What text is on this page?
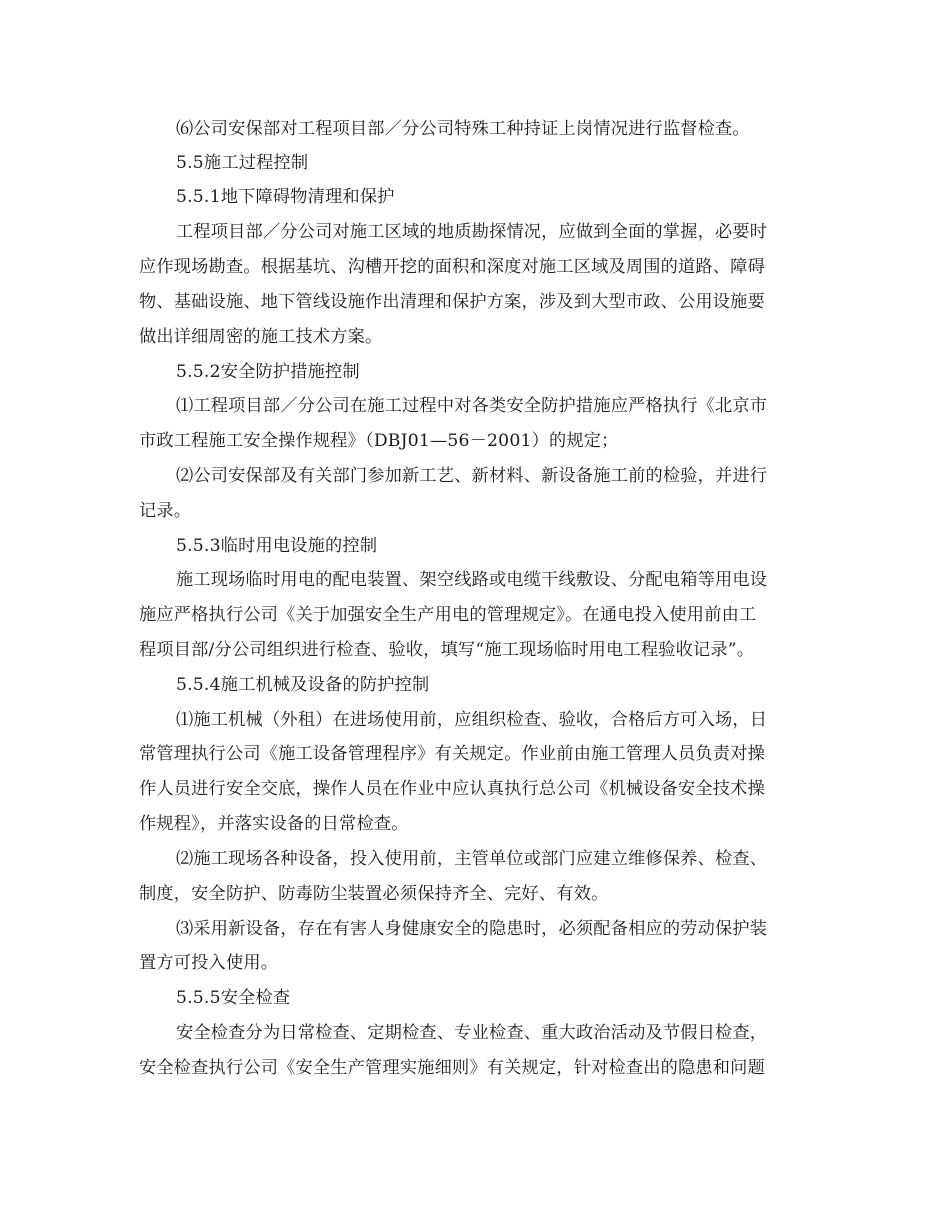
⑹公司安保部对工程项目部／分公司特殊工种持证上岗情况进行监督检查。
5.5施工过程控制
5.5.1地下障碍物清理和保护
工程项目部／分公司对施工区域的地质勘探情况，应做到全面的掌握，必要时
应作现场勘查。根据基坑、沟槽开挖的面积和深度对施工区域及周围的道路、障碍
物、基础设施、地下管线设施作出清理和保护方案，涉及到大型市政、公用设施要
做出详细周密的施工技术方案。
5.5.2安全防护措施控制
⑴工程项目部／分公司在施工过程中对各类安全防护措施应严格执行《北京市
市政工程施工安全操作规程》（DBJ01—56－2001）的规定；
⑵公司安保部及有关部门参加新工艺、新材料、新设备施工前的检验，并进行
记录。
5.5.3临时用电设施的控制
施工现场临时用电的配电装置、架空线路或电缆干线敷设、分配电箱等用电设
施应严格执行公司《关于加强安全生产用电的管理规定》。在通电投入使用前由工
程项目部/分公司组织进行检查、验收，填写“施工现场临时用电工程验收记录”。
5.5.4施工机械及设备的防护控制
⑴施工机械（外租）在进场使用前，应组织检查、验收，合格后方可入场，日
常管理执行公司《施工设备管理程序》有关规定。作业前由施工管理人员负责对操
作人员进行安全交底，操作人员在作业中应认真执行总公司《机械设备安全技术操
作规程》，并落实设备的日常检查。
⑵施工现场各种设备，投入使用前，主管单位或部门应建立维修保养、检查、
制度，安全防护、防毒防尘装置必须保持齐全、完好、有效。
⑶采用新设备，存在有害人身健康安全的隐患时，必须配备相应的劳动保护装
置方可投入使用。
5.5.5安全检查
安全检查分为日常检查、定期检查、专业检查、重大政治活动及节假日检查，
安全检查执行公司《安全生产管理实施细则》有关规定，针对检查出的隐患和问题
